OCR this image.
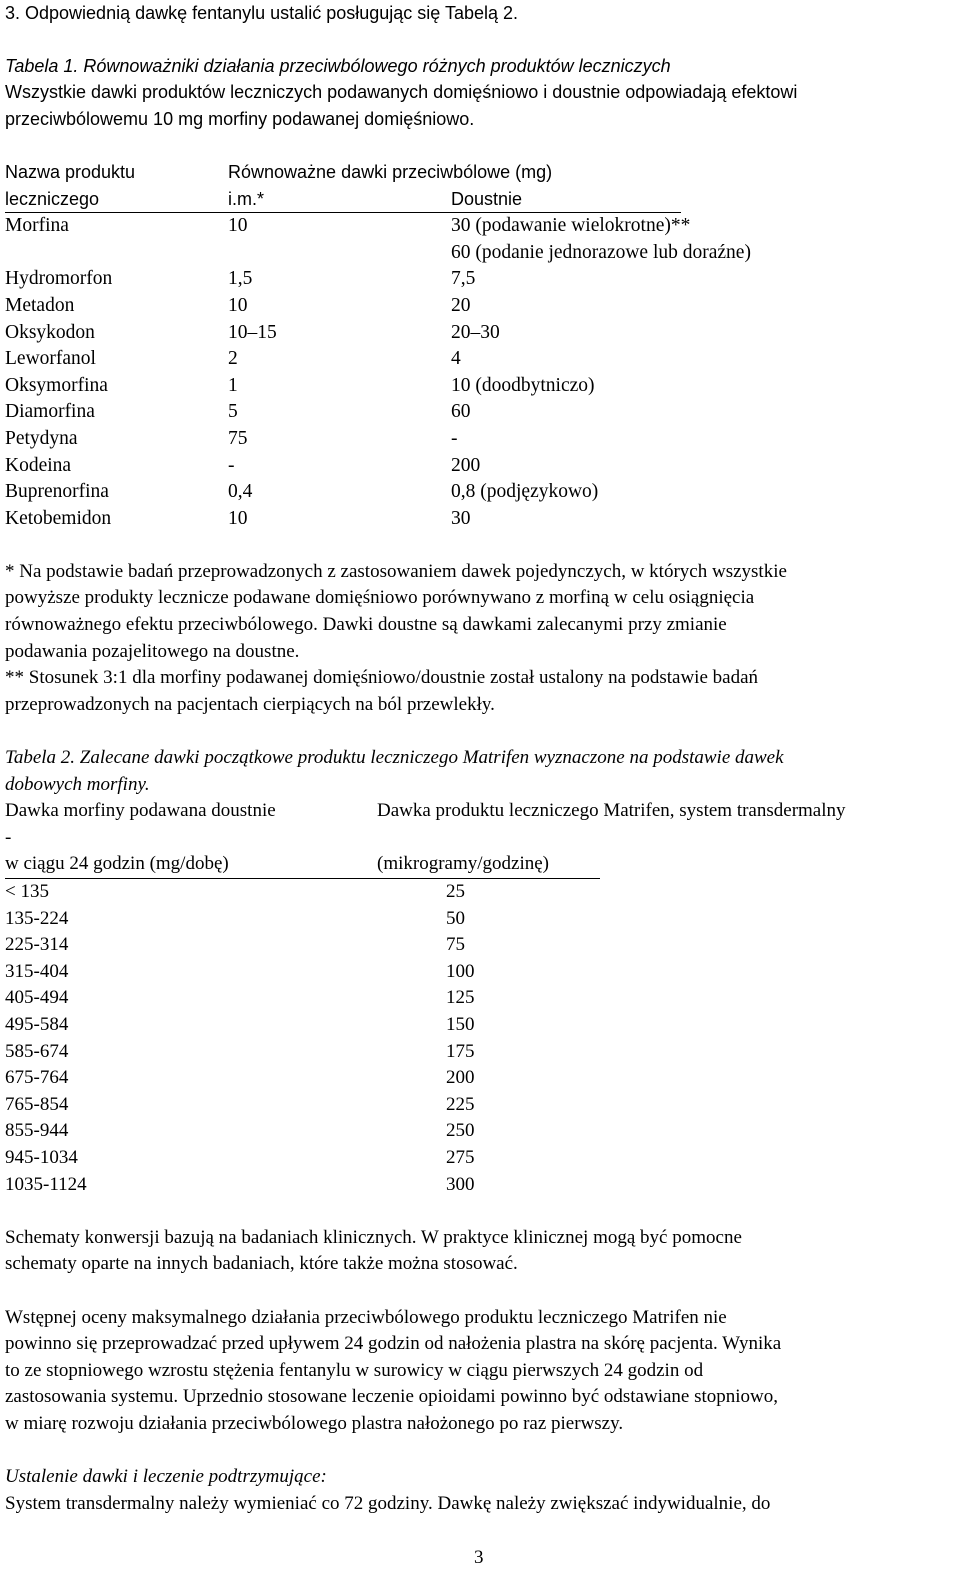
3. Odpowiednią dawkę fentanylu ustalić posługując się Tabelą 2.

Tabela 1. Równoważniki działania przeciwbólowego różnych produktów leczniczych

Wszystkie dawki produktów leczniczych podawanych domięśniowo i doustnie odpowiadają efektowi

przeciwbólowemu 10 mg morfiny podawanej domięśniowo.

Nazwa produktu	Równoważne dawki przeciwbólowe (mg)
leczniczego	i.m.*	Doustnie
Morfina	10	30 (podawanie wielokrotne)**
60 (podanie jednorazowe lub doraźne)
Hydromorfon	1,5	7,5
Metadon	10	20
Oksykodon	10–15	20–30
Leworfanol	2	4
Oksymorfina	1	10 (doodbytniczo)
Diamorfina	5	60
Petydyna	75	-
Kodeina	-	200
Buprenorfina	0,4	0,8 (podjęzykowo)
Ketobemidon	10	30

* Na podstawie badań przeprowadzonych z zastosowaniem dawek pojedynczych, w których wszystkie

powyższe produkty lecznicze podawane domięśniowo porównywano z morfiną w celu osiągnięcia

równoważnego efektu przeciwbólowego. Dawki doustne są dawkami zalecanymi przy zmianie

podawania pozajelitowego na doustne.

** Stosunek 3:1 dla morfiny podawanej domięśniowo/doustnie został ustalony na podstawie badań

przeprowadzonych na pacjentach cierpiących na ból przewlekły.

Tabela 2. Zalecane dawki początkowe produktu leczniczego Matrifen wyznaczone na podstawie dawek

dobowych morfiny.

Dawka morfiny podawana doustnie	Dawka produktu leczniczego Matrifen, system transdermalny
-
w ciągu 24 godzin (mg/dobę)	(mikrogramy/godzinę)
< 135	25
135-224	50
225-314	75
315-404	100
405-494	125
495-584	150
585-674	175
675-764	200
765-854	225
855-944	250
945-1034	275
1035-1124	300

Schematy konwersji bazują na badaniach klinicznych. W praktyce klinicznej mogą być pomocne

schematy oparte na innych badaniach, które także można stosować.

Wstępnej oceny maksymalnego działania przeciwbólowego produktu leczniczego Matrifen nie

powinno się przeprowadzać przed upływem 24 godzin od nałożenia plastra na skórę pacjenta. Wynika

to ze stopniowego wzrostu stężenia fentanylu w surowicy w ciągu pierwszych 24 godzin od

zastosowania systemu. Uprzednio stosowane leczenie opioidami powinno być odstawiane stopniowo,

w miarę rozwoju działania przeciwbólowego plastra nałożonego po raz pierwszy.

Ustalenie dawki i leczenie podtrzymujące:

System transdermalny należy wymieniać co 72 godziny. Dawkę należy zwiększać indywidualnie, do

3
